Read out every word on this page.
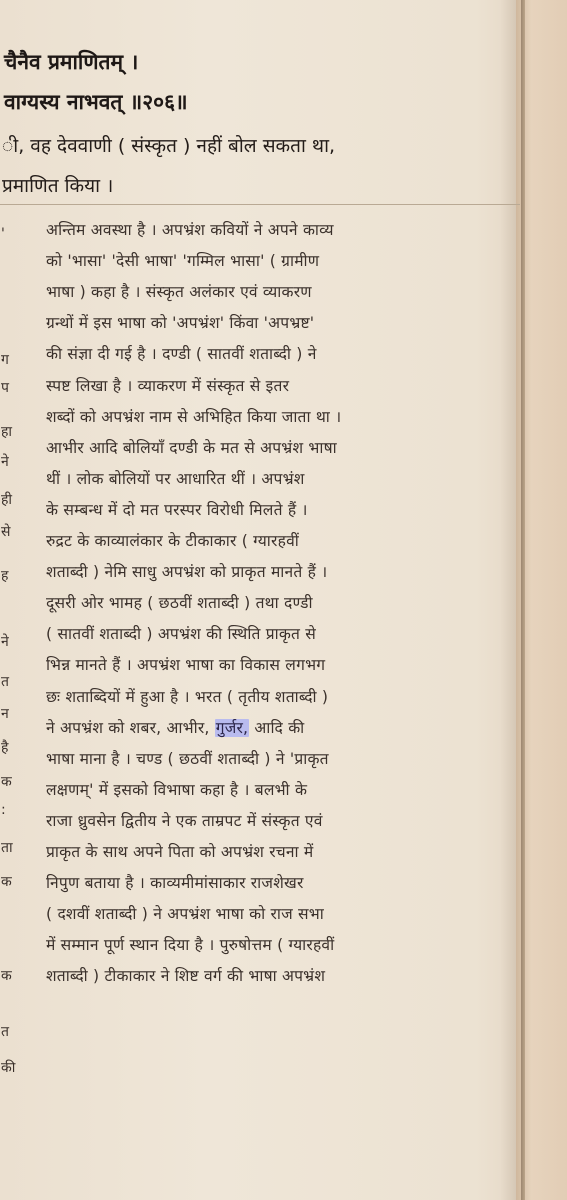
चैनैव प्रमाणितम् ।
वाग्यस्य नाभवत् ॥२०६॥
ी, वह देववाणी ( संस्कृत ) नहीं बोल सकता था,
प्रमाणित किया ।
'
ग
प
हा
ने
ही
से
ह
ने
त
न
है
क
:
ता
क
क
त
की
अन्तिम अवस्था है । अपभ्रंश कवियों ने अपने काव्य
को 'भासा' 'देसी भाषा' 'गम्मिल भासा' ( ग्रामीण
भाषा ) कहा है । संस्कृत अलंकार एवं व्याकरण
ग्रन्थों में इस भाषा को 'अपभ्रंश' किंवा 'अपभ्रष्ट'
की संज्ञा दी गई है । दण्डी ( सातवीं शताब्दी ) ने
स्पष्ट लिखा है । व्याकरण में संस्कृत से इतर
शब्दों को अपभ्रंश नाम से अभिहित किया जाता था ।
आभीर आदि बोलियाँ दण्डी के मत से अपभ्रंश भाषा
थीं । लोक बोलियों पर आधारित थीं । अपभ्रंश
के सम्बन्ध में दो मत परस्पर विरोधी मिलते हैं ।
रुद्रट के काव्यालंकार के टीकाकार ( ग्यारहवीं
शताब्दी ) नेमि साधु अपभ्रंश को प्राकृत मानते हैं ।
दूसरी ओर भामह ( छठवीं शताब्दी ) तथा दण्डी
( सातवीं शताब्दी ) अपभ्रंश की स्थिति प्राकृत से
भिन्न मानते हैं । अपभ्रंश भाषा का विकास लगभग
छः शताब्दियों में हुआ है । भरत ( तृतीय शताब्दी )
ने अपभ्रंश को शबर, आभीर, गुर्जर, आदि की
भाषा माना है । चण्ड ( छठवीं शताब्दी ) ने 'प्राकृत
लक्षणम्' में इसको विभाषा कहा है । बलभी के
राजा ध्रुवसेन द्वितीय ने एक ताम्रपट में संस्कृत एवं
प्राकृत के साथ अपने पिता को अपभ्रंश रचना में
निपुण बताया है । काव्यमीमांसाकार राजशेखर
( दशवीं शताब्दी ) ने अपभ्रंश भाषा को राज सभा
में सम्मान पूर्ण स्थान दिया है । पुरुषोत्तम ( ग्यारहवीं
शताब्दी ) टीकाकार ने शिष्ट वर्ग की भाषा अपभ्रंश
